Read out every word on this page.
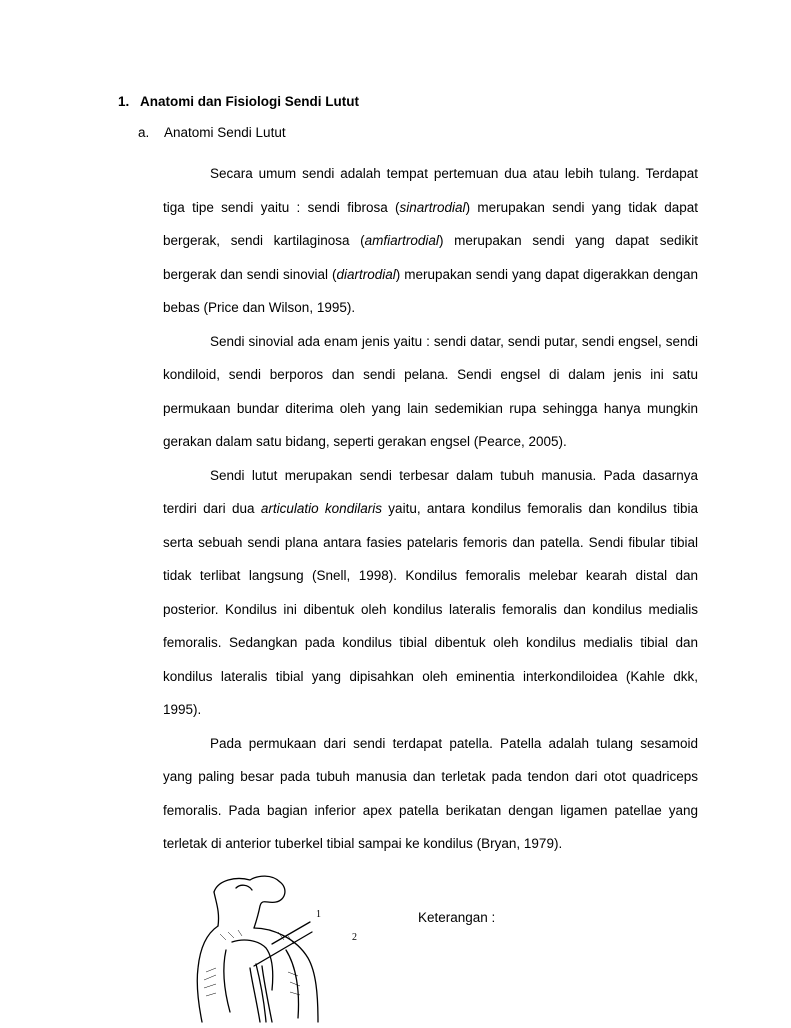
1. Anatomi dan Fisiologi Sendi Lutut
a. Anatomi Sendi Lutut

Secara umum sendi adalah tempat pertemuan dua atau lebih tulang. Terdapat tiga tipe sendi yaitu : sendi fibrosa (sinartrodial) merupakan sendi yang tidak dapat bergerak, sendi kartilaginosa (amfiartrodial) merupakan sendi yang dapat sedikit bergerak dan sendi sinovial (diartrodial) merupakan sendi yang dapat digerakkan dengan bebas (Price dan Wilson, 1995).

Sendi sinovial ada enam jenis yaitu : sendi datar, sendi putar, sendi engsel, sendi kondiloid, sendi berporos dan sendi pelana. Sendi engsel di dalam jenis ini satu permukaan bundar diterima oleh yang lain sedemikian rupa sehingga hanya mungkin gerakan dalam satu bidang, seperti gerakan engsel (Pearce, 2005).

Sendi lutut merupakan sendi terbesar dalam tubuh manusia. Pada dasarnya terdiri dari dua articulatio kondilaris yaitu, antara kondilus femoralis dan kondilus tibia serta sebuah sendi plana antara fasies patelaris femoris dan patella. Sendi fibular tibial tidak terlibat langsung (Snell, 1998). Kondilus femoralis melebar kearah distal dan posterior. Kondilus ini dibentuk oleh kondilus lateralis femoralis dan kondilus medialis femoralis. Sedangkan pada kondilus tibial dibentuk oleh kondilus medialis tibial dan kondilus lateralis tibial yang dipisahkan oleh eminentia interkondiloidea (Kahle dkk, 1995).

Pada permukaan dari sendi terdapat patella. Patella adalah tulang sesamoid yang paling besar pada tubuh manusia dan terletak pada tendon dari otot quadriceps femoralis. Pada bagian inferior apex patella berikatan dengan ligamen patellae yang terletak di anterior tuberkel tibial sampai ke kondilus (Bryan, 1979).

1
2
Keterangan :
